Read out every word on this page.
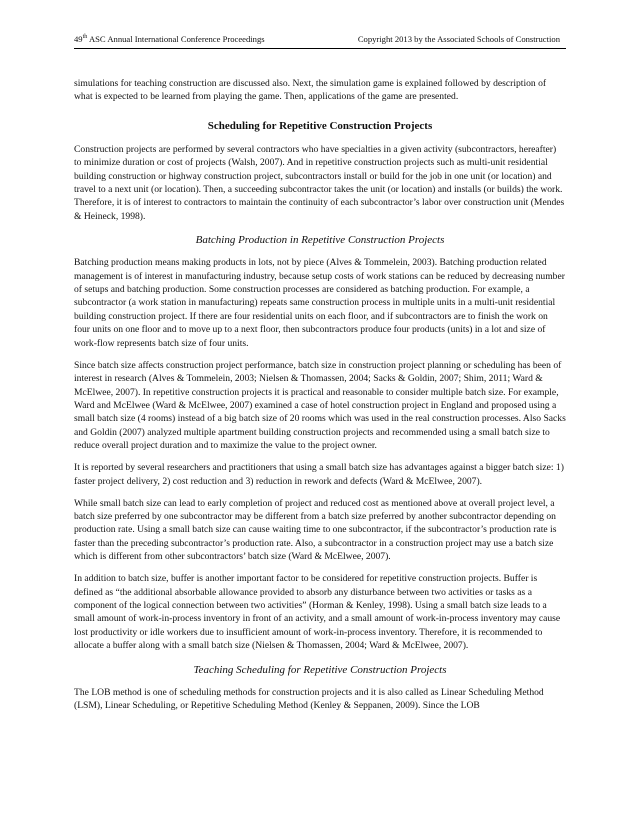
49th ASC Annual International Conference Proceedings	Copyright 2013 by the Associated Schools of Construction

simulations for teaching construction are discussed also. Next, the simulation game is explained followed by description of what is expected to be learned from playing the game. Then, applications of the game are presented.

Scheduling for Repetitive Construction Projects

Construction projects are performed by several contractors who have specialties in a given activity (subcontractors, hereafter) to minimize duration or cost of projects (Walsh, 2007). And in repetitive construction projects such as multi-unit residential building construction or highway construction project, subcontractors install or build for the job in one unit (or location) and travel to a next unit (or location). Then, a succeeding subcontractor takes the unit (or location) and installs (or builds) the work. Therefore, it is of interest to contractors to maintain the continuity of each subcontractor’s labor over construction unit (Mendes & Heineck, 1998).

Batching Production in Repetitive Construction Projects

Batching production means making products in lots, not by piece (Alves & Tommelein, 2003). Batching production related management is of interest in manufacturing industry, because setup costs of work stations can be reduced by decreasing number of setups and batching production. Some construction processes are considered as batching production. For example, a subcontractor (a work station in manufacturing) repeats same construction process in multiple units in a multi-unit residential building construction project. If there are four residential units on each floor, and if subcontractors are to finish the work on four units on one floor and to move up to a next floor, then subcontractors produce four products (units) in a lot and size of work-flow represents batch size of four units.

Since batch size affects construction project performance, batch size in construction project planning or scheduling has been of interest in research (Alves & Tommelein, 2003; Nielsen & Thomassen, 2004; Sacks & Goldin, 2007; Shim, 2011; Ward & McElwee, 2007). In repetitive construction projects it is practical and reasonable to consider multiple batch size. For example, Ward and McElwee (Ward & McElwee, 2007) examined a case of hotel construction project in England and proposed using a small batch size (4 rooms) instead of a big batch size of 20 rooms which was used in the real construction processes. Also Sacks and Goldin (2007) analyzed multiple apartment building construction projects and recommended using a small batch size to reduce overall project duration and to maximize the value to the project owner.

It is reported by several researchers and practitioners that using a small batch size has advantages against a bigger batch size: 1) faster project delivery, 2) cost reduction and 3) reduction in rework and defects (Ward & McElwee, 2007).

While small batch size can lead to early completion of project and reduced cost as mentioned above at overall project level, a batch size preferred by one subcontractor may be different from a batch size preferred by another subcontractor depending on production rate. Using a small batch size can cause waiting time to one subcontractor, if the subcontractor’s production rate is faster than the preceding subcontractor’s production rate. Also, a subcontractor in a construction project may use a batch size which is different from other subcontractors’ batch size (Ward & McElwee, 2007).

In addition to batch size, buffer is another important factor to be considered for repetitive construction projects. Buffer is defined as “the additional absorbable allowance provided to absorb any disturbance between two activities or tasks as a component of the logical connection between two activities” (Horman & Kenley, 1998). Using a small batch size leads to a small amount of work-in-process inventory in front of an activity, and a small amount of work-in-process inventory may cause lost productivity or idle workers due to insufficient amount of work-in-process inventory. Therefore, it is recommended to allocate a buffer along with a small batch size (Nielsen & Thomassen, 2004; Ward & McElwee, 2007).

Teaching Scheduling for Repetitive Construction Projects

The LOB method is one of scheduling methods for construction projects and it is also called as Linear Scheduling Method (LSM), Linear Scheduling, or Repetitive Scheduling Method (Kenley & Seppanen, 2009). Since the LOB
